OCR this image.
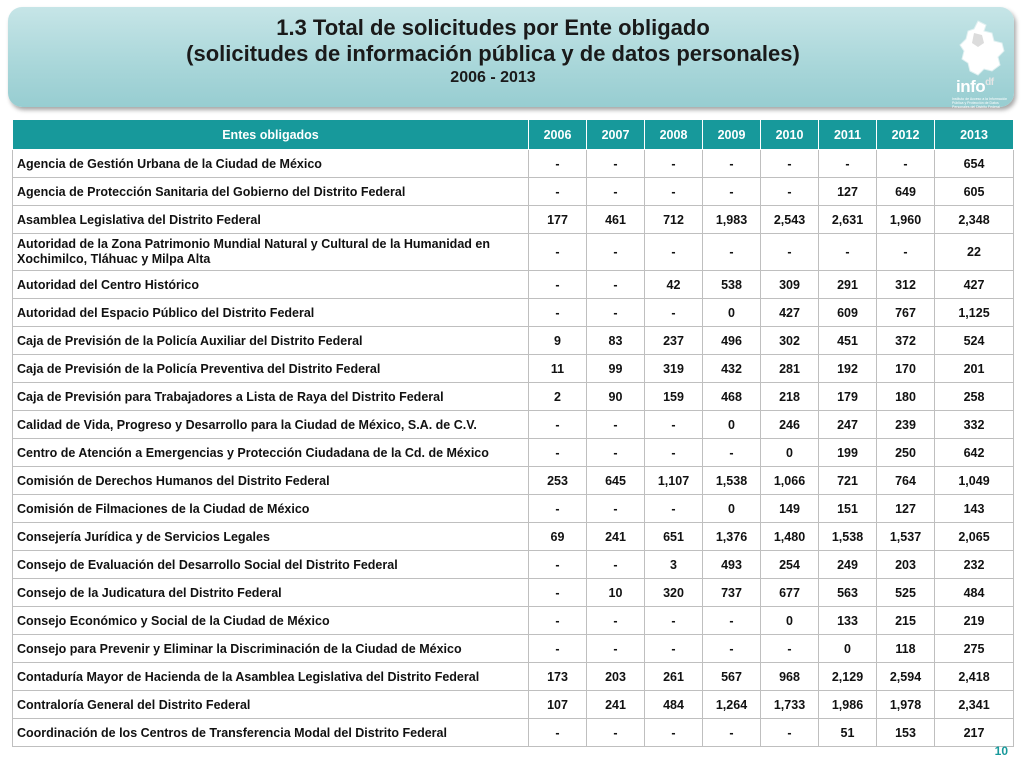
1.3 Total de solicitudes por Ente obligado
(solicitudes de información pública y de datos personales)
2006 - 2013	info$^{df}$
Instituto de Acceso a la Información Pública y Protección de Datos Personales del Distrito Federal
Entes obligados	2006	2007	2008	2009	2010	2011	2012	2013
Agencia de Gestión Urbana de la Ciudad de México	-	-	-	-	-	-	-	654
Agencia de Protección Sanitaria del Gobierno del Distrito Federal	-	-	-	-	-	127	649	605
Asamblea Legislativa del Distrito Federal	177	461	712	1,983	2,543	2,631	1,960	2,348
Autoridad de la Zona Patrimonio Mundial Natural y Cultural de la Humanidad en Xochimilco, Tláhuac y Milpa Alta	-	-	-	-	-	-	-	22
Autoridad del Centro Histórico	-	-	42	538	309	291	312	427
Autoridad del Espacio Público del Distrito Federal	-	-	-	0	427	609	767	1,125
Caja de Previsión de la Policía Auxiliar del Distrito Federal	9	83	237	496	302	451	372	524
Caja de Previsión de la Policía Preventiva del Distrito Federal	11	99	319	432	281	192	170	201
Caja de Previsión para Trabajadores a Lista de Raya del Distrito Federal	2	90	159	468	218	179	180	258
Calidad de Vida, Progreso y Desarrollo para la Ciudad de México, S.A. de C.V.	-	-	-	0	246	247	239	332
Centro de Atención a Emergencias y Protección Ciudadana de la Cd. de México	-	-	-	-	0	199	250	642
Comisión de Derechos Humanos del Distrito Federal	253	645	1,107	1,538	1,066	721	764	1,049
Comisión de Filmaciones de la Ciudad de México	-	-	-	0	149	151	127	143
Consejería Jurídica y de Servicios Legales	69	241	651	1,376	1,480	1,538	1,537	2,065
Consejo de Evaluación del Desarrollo Social del Distrito Federal	-	-	3	493	254	249	203	232
Consejo de la Judicatura del Distrito Federal	-	10	320	737	677	563	525	484
Consejo Económico y Social de la Ciudad de México	-	-	-	-	0	133	215	219
Consejo para Prevenir y Eliminar la Discriminación de la Ciudad de México	-	-	-	-	-	0	118	275
Contaduría Mayor de Hacienda de la Asamblea Legislativa del Distrito Federal	173	203	261	567	968	2,129	2,594	2,418
Contraloría General del Distrito Federal	107	241	484	1,264	1,733	1,986	1,978	2,341
Coordinación de los Centros de Transferencia Modal del Distrito Federal	-	-	-	-	-	51	153	217
10
